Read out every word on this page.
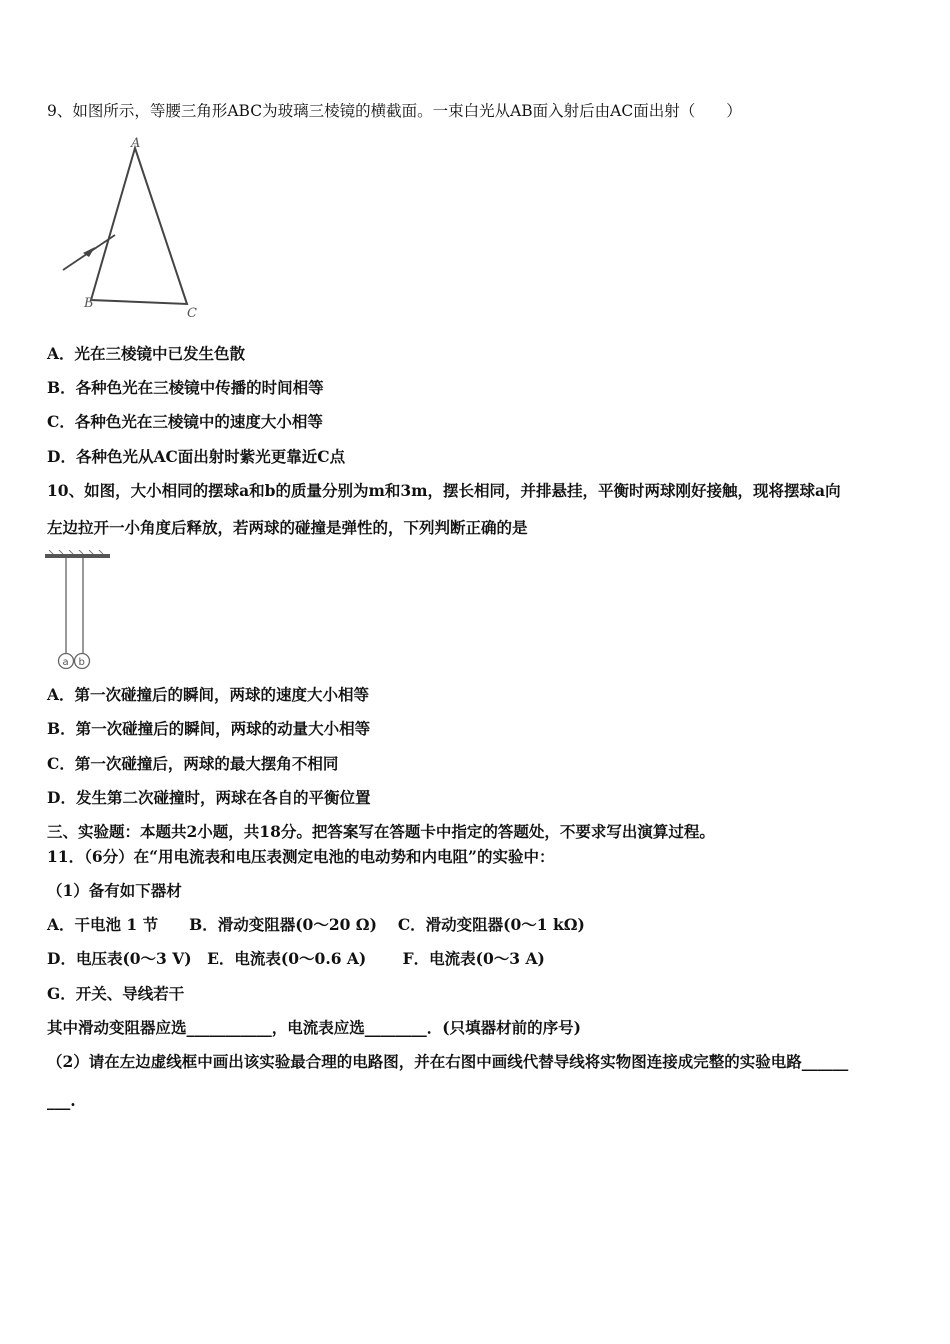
9、如图所示，等腰三角形ABC为玻璃三棱镜的横截面。一束白光从AB面入射后由AC面出射（　　）
A
B
C
A．光在三棱镜中已发生色散
B．各种色光在三棱镜中传播的时间相等
C．各种色光在三棱镜中的速度大小相等
D．各种色光从AC面出射时紫光更靠近C点
10、如图，大小相同的摆球a和b的质量分别为m和3m，摆长相同，并排悬挂，平衡时两球刚好接触，现将摆球a向
左边拉开一小角度后释放，若两球的碰撞是弹性的，下列判断正确的是
a b
A．第一次碰撞后的瞬间，两球的速度大小相等
B．第一次碰撞后的瞬间，两球的动量大小相等
C．第一次碰撞后，两球的最大摆角不相同
D．发生第二次碰撞时，两球在各自的平衡位置
三、实验题：本题共2小题，共18分。把答案写在答题卡中指定的答题处，不要求写出演算过程。
11．（6分）在“用电流表和电压表测定电池的电动势和内电阻”的实验中：
（1）备有如下器材
A．干电池 1 节　　B．滑动变阻器(0～20 Ω)　 C．滑动变阻器(0～1 kΩ)
D．电压表(0～3 V)　E．电流表(0～0.6 A)　　 F．电流表(0～3 A)
G．开关、导线若干
其中滑动变阻器应选___________，电流表应选________．(只填器材前的序号)
（2）请在左边虚线框中画出该实验最合理的电路图，并在右图中画线代替导线将实物图连接成完整的实验电路______
___.
